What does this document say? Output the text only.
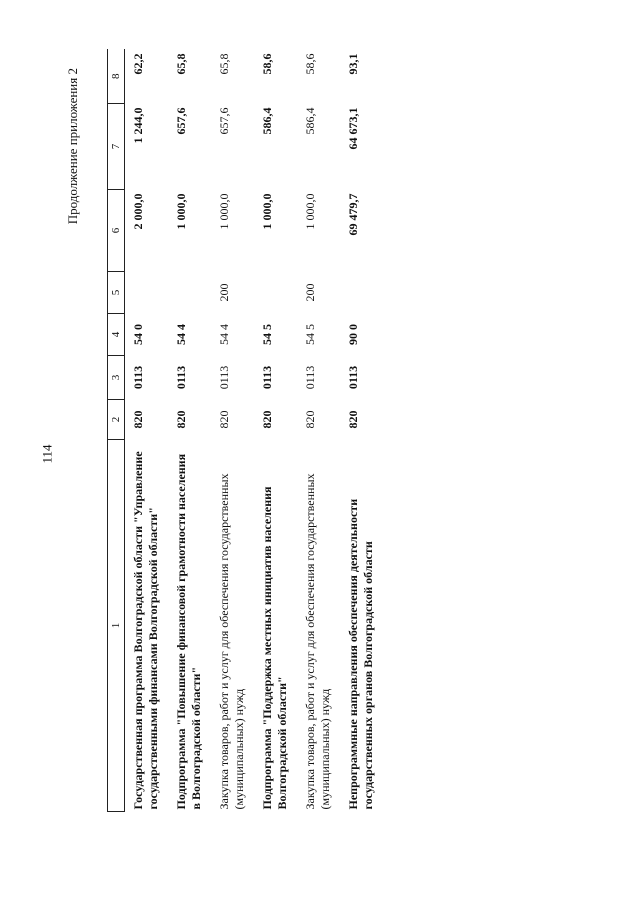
114
Продолжение приложения 2
1	2	3	4	5	6	7	8
Государственная программа Волгоградской области "Управление государственными финансами Волгоградской области"	820	0113	54 0		2 000,0	1 244,0	62,2
Подпрограмма "Повышение финансовой грамотности населения в Волгоградской области"	820	0113	54 4		1 000,0	657,6	65,8
Закупка товаров, работ и услуг для обеспечения государственных (муниципальных) нужд	820	0113	54 4	200	1 000,0	657,6	65,8
Подпрограмма "Поддержка местных инициатив населения Волгоградской области"	820	0113	54 5		1 000,0	586,4	58,6
Закупка товаров, работ и услуг для обеспечения государственных (муниципальных) нужд	820	0113	54 5	200	1 000,0	586,4	58,6
Непрограммные направления обеспечения деятельности государственных органов Волгоградской области	820	0113	90 0		69 479,7	64 673,1	93,1
